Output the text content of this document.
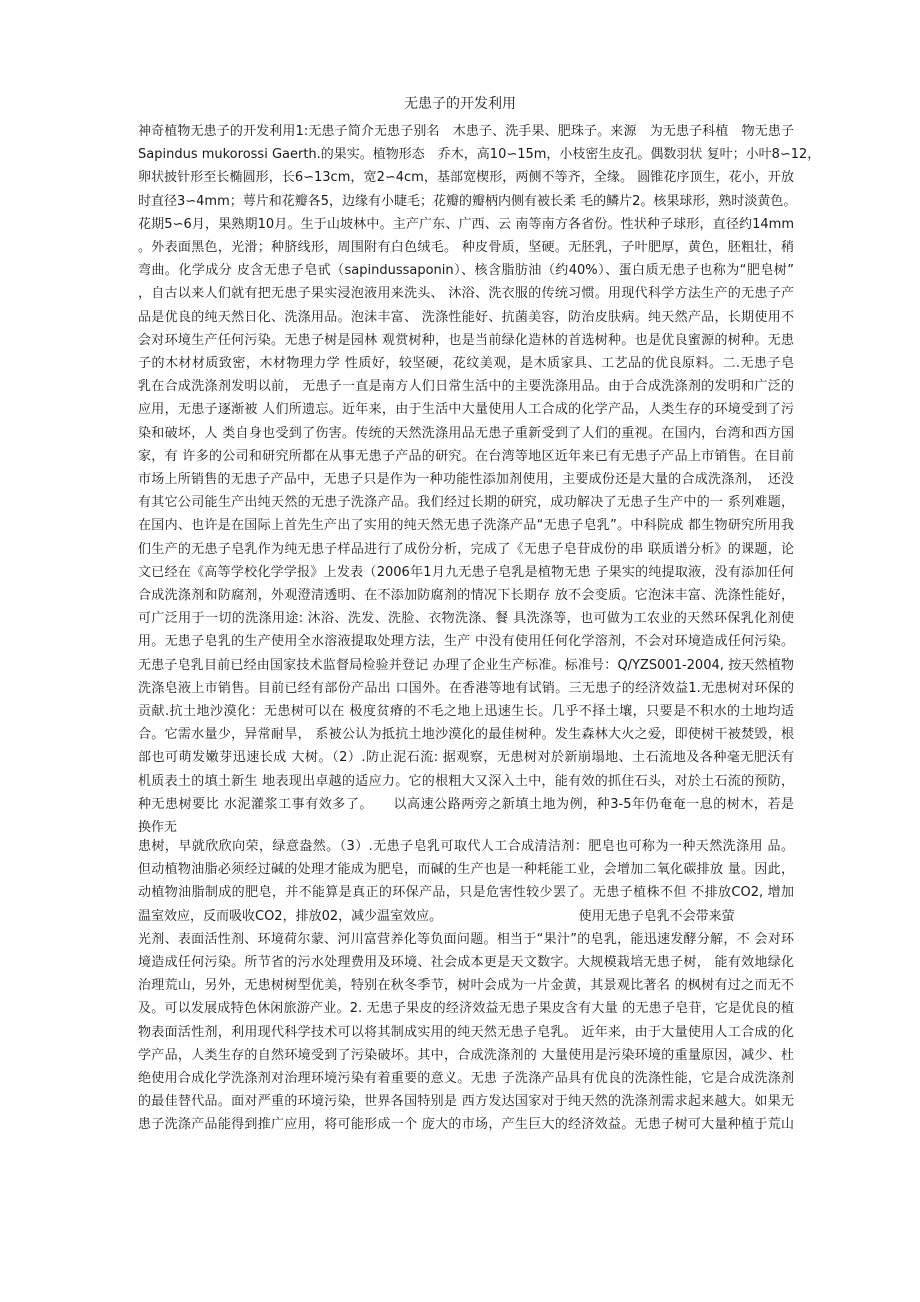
无患子的开发利用
神奇植物无患子的开发利用1:无患子简介无患子别名　木患子、洗手果、肥珠子。来源　为无患子科植　物无患子
Sapindus mukorossi Gaerth.的果实。植物形态　乔木，高10∽15m，小枝密生皮孔。偶数羽状 复叶；小叶8∽12，
卵状披针形至长椭圆形，长6∽13cm，宽2∽4cm，基部宽楔形，两侧不等齐，全缘。 圆锥花序顶生，花小，开放
时直径3∽4mm；萼片和花瓣各5，边缘有小睫毛；花瓣的瓣柄内侧有被长柔 毛的鳞片2。核果球形，熟时淡黄色。
花期5∽6月，果熟期10月。生于山坡林中。主产广东、广西、云 南等南方各省份。性状种子球形，直径约14mm
。外表面黑色，光滑；种脐线形，周围附有白色绒毛。 种皮骨质，坚硬。无胚乳，子叶肥厚，黄色，胚粗壮，稍
弯曲。化学成分 皮含无患子皂甙（sapindussaponin）、核含脂肪油（约40%）、蛋白质无患子也称为“肥皂树”
，自古以来人们就有把无患子果实浸泡液用来洗头、 沐浴、洗衣服的传统习惯。用现代科学方法生产的无患子产
品是优良的纯天然日化、洗涤用品。泡沫丰富、 洗涤性能好、抗菌美容，防治皮肤病。纯天然产品，长期使用不
会对环境生产任何污染。无患子树是园林 观赏树种，也是当前绿化造林的首选树种。也是优良蜜源的树种。无患
子的木材材质致密，木材物理力学 性质好，较坚硬，花纹美观，是木质家具、工艺品的优良原料。二.无患子皂
乳在合成洗涤剂发明以前， 无患子一直是南方人们日常生活中的主要洗涤用品。由于合成洗涤剂的发明和广泛的
应用，无患子逐渐被 人们所遗忘。近年来，由于生活中大量使用人工合成的化学产品，人类生存的环境受到了污
染和破坏，人 类自身也受到了伤害。传统的天然洗涤用品无患子重新受到了人们的重视。在国内，台湾和西方国
家，有 许多的公司和研究所都在从事无患子产品的研究。在台湾等地区近年来已有无患子产品上市销售。在目前
市场上所销售的无患子产品中，无患子只是作为一种功能性添加剂使用，主要成份还是大量的合成洗涤剂，　还没
有其它公司能生产出纯天然的无患子洗涤产品。我们经过长期的研究，成功解决了无患子生产中的一 系列难题，
在国内、也许是在国际上首先生产出了实用的纯天然无患子洗涤产品“无患子皂乳”。中科院成 都生物研究所用我
们生产的无患子皂乳作为纯无患子样品进行了成份分析，完成了《无患子皂苷成份的串 联质谱分析》的课题，论
文已经在《高等学校化学学报》上发表（2006年1月九无患子皂乳是植物无患 子果实的纯提取液，没有添加任何
合成洗涤剂和防腐剂，外观澄清透明、在不添加防腐剂的情况下长期存 放不会变质。它泡沫丰富、洗涤性能好，
可广泛用于一切的洗涤用途: 沐浴、洗发、洗脸、衣物洗涤、餐 具洗涤等，也可做为工农业的天然环保乳化剂使
用。无患子皂乳的生产使用全水溶液提取处理方法，生产 中没有使用任何化学溶剂，不会对环境造成任何污染。
无患子皂乳目前已经由国家技术监督局检验并登记 办理了企业生产标准。标准号：Q/YZS001-2004, 按天然植物
洗涤皂液上市销售。目前已经有部份产品出 口国外。在香港等地有试销。三无患子的经济效益1.无患树对环保的
贡献.抗土地沙漠化：无患树可以在 极度贫瘠的不毛之地上迅速生长。几乎不择土壤，只要是不积水的土地均适
合。它需水量少，异常耐旱， 系被公认为抵抗土地沙漠化的最佳树种。发生森林大火之爱，即使树干被焚毁，根
部也可萌发嫩芽迅速长成 大树。（2）.防止泥石流: 据观察，无患树对於新崩塌地、土石流地及各种毫无肥沃有
机质表土的填土新生 地表现出卓越的适应力。它的根粗大又深入土中，能有效的抓住石头，对於土石流的预防，
种无患树要比 水泥灌浆工事有效多了。　　以高速公路两旁之新填土地为例，种3-5年仍奄奄一息的树木，若是
换作无
患树，早就欣欣向荣，绿意盎然。（3）.无患子皂乳可取代人工合成清洁剂：肥皂也可称为一种天然洗涤用 品。
但动植物油脂必须经过碱的处理才能成为肥皂，而碱的生产也是一种耗能工业，会增加二氧化碳排放 量。因此，
动植物油脂制成的肥皂，并不能算是真正的环保产品，只是危害性较少罢了。无患子植株不但 不排放CO2, 增加
温室效应，反而吸收CO2，排放02，减少温室效应。　　　　　　　　　　　使用无患子皂乳不会带来萤
光剂、表面活性剂、环境荷尔蒙、河川富营养化等负面问题。相当于“果汁”的皂乳，能迅速发酵分解，不 会对环
境造成任何污染。所节省的污水处理费用及环境、社会成本更是天文数字。大规模栽培无患子树， 能有效地绿化
治理荒山，另外，无患树树型优美，特别在秋冬季节，树叶会成为一片金黄，其景观比著名 的枫树有过之而无不
及。可以发展成特色休闲旅游产业。2. 无患子果皮的经济效益无患子果皮含有大量 的无患子皂苷，它是优良的植
物表面活性剂，利用现代科学技术可以将其制成实用的纯天然无患子皂乳。 近年来，由于大量使用人工合成的化
学产品，人类生存的自然环境受到了污染破坏。其中，合成洗涤剂的 大量使用是污染环境的重量原因，减少、杜
绝使用合成化学洗涤剂对治理环境污染有着重要的意义。无患 子洗涤产品具有优良的洗涤性能，它是合成洗涤剂
的最佳替代品。面对严重的环境污染，世界各国特别是 西方发达国家对于纯天然的洗涤剂需求起来越大。如果无
患子洗涤产品能得到推广应用，将可能形成一个 庞大的市场，产生巨大的经济效益。无患子树可大量种植于荒山
